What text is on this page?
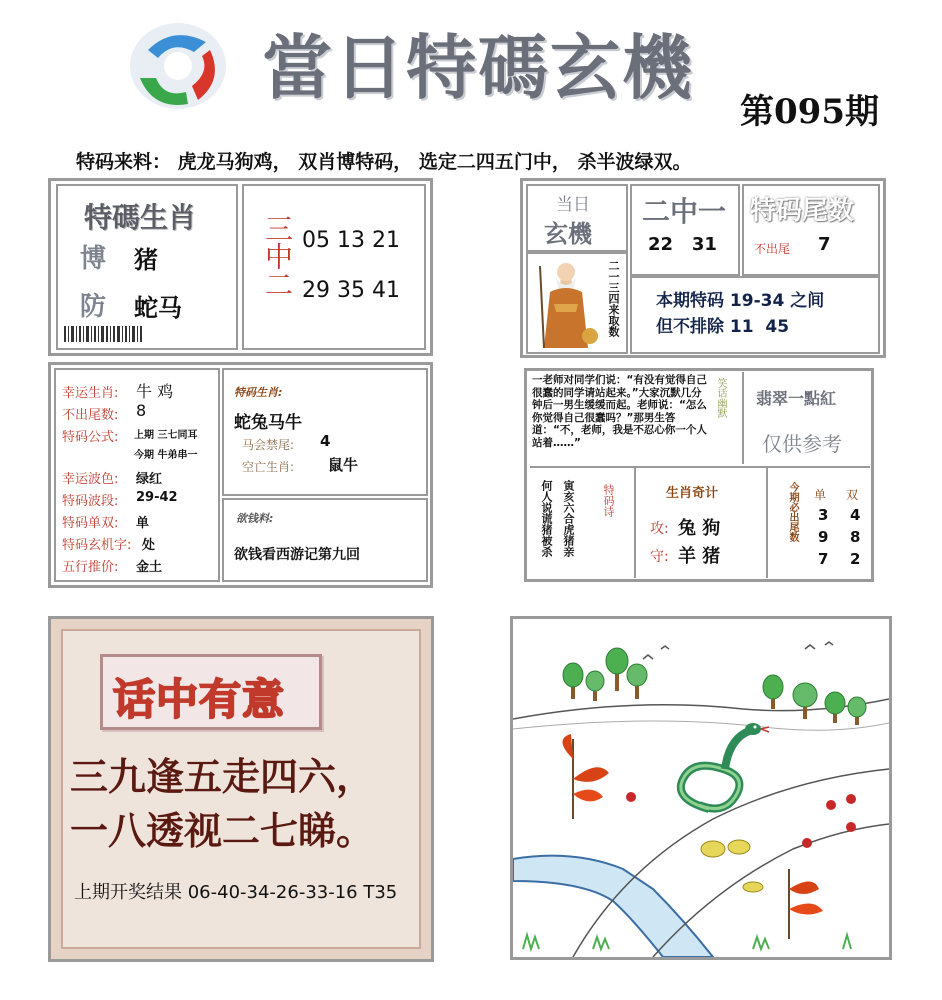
當日特碼玄機
第095期
特码来料： 虎龙马狗鸡， 双肖博特码， 选定二四五门中， 杀半波绿双。
特碼生肖
博 猪
防 蛇马
三中二 05 13 21
29 35 41
当日
玄機
二一三四来取数
二中一
22   31
特码尾数
不出尾 7
本期特码 19-34 之间
但不排除 11  45
幸运生肖: 牛 鸡
不出尾数: 8
特码公式: 上期 三七同耳
今期 牛弟串一
幸运波色: 绿红
特码波段: 29-42
特码单双: 单
特码玄机字: 处
五行推价: 金土
特码生肖:
蛇兔马牛
马会禁尾: 4
空亡生肖: 鼠牛
欲钱料:
欲钱看西游记第九回
一老师对同学们说：“有没有觉得自己很蠢的同学请站起来。”大家沉默几分钟后一男生缓缓而起。老师说：“怎么你觉得自己很蠢吗？”那男生答道：“不，老师，我是不忍心你一个人站着……”
笑话幽默 翡翠一點紅
仅供参考
何人说谎猪被杀 寅亥六合虎猪亲 特码诗	生肖奇计
攻: 兔 狗
守: 羊 猪
今期必出尾数 单 双
3 4
9 8
7 2
话中有意
三九逢五走四六，
一八透视二七睇。
上期开奖结果 06-40-34-26-33-16 T35
